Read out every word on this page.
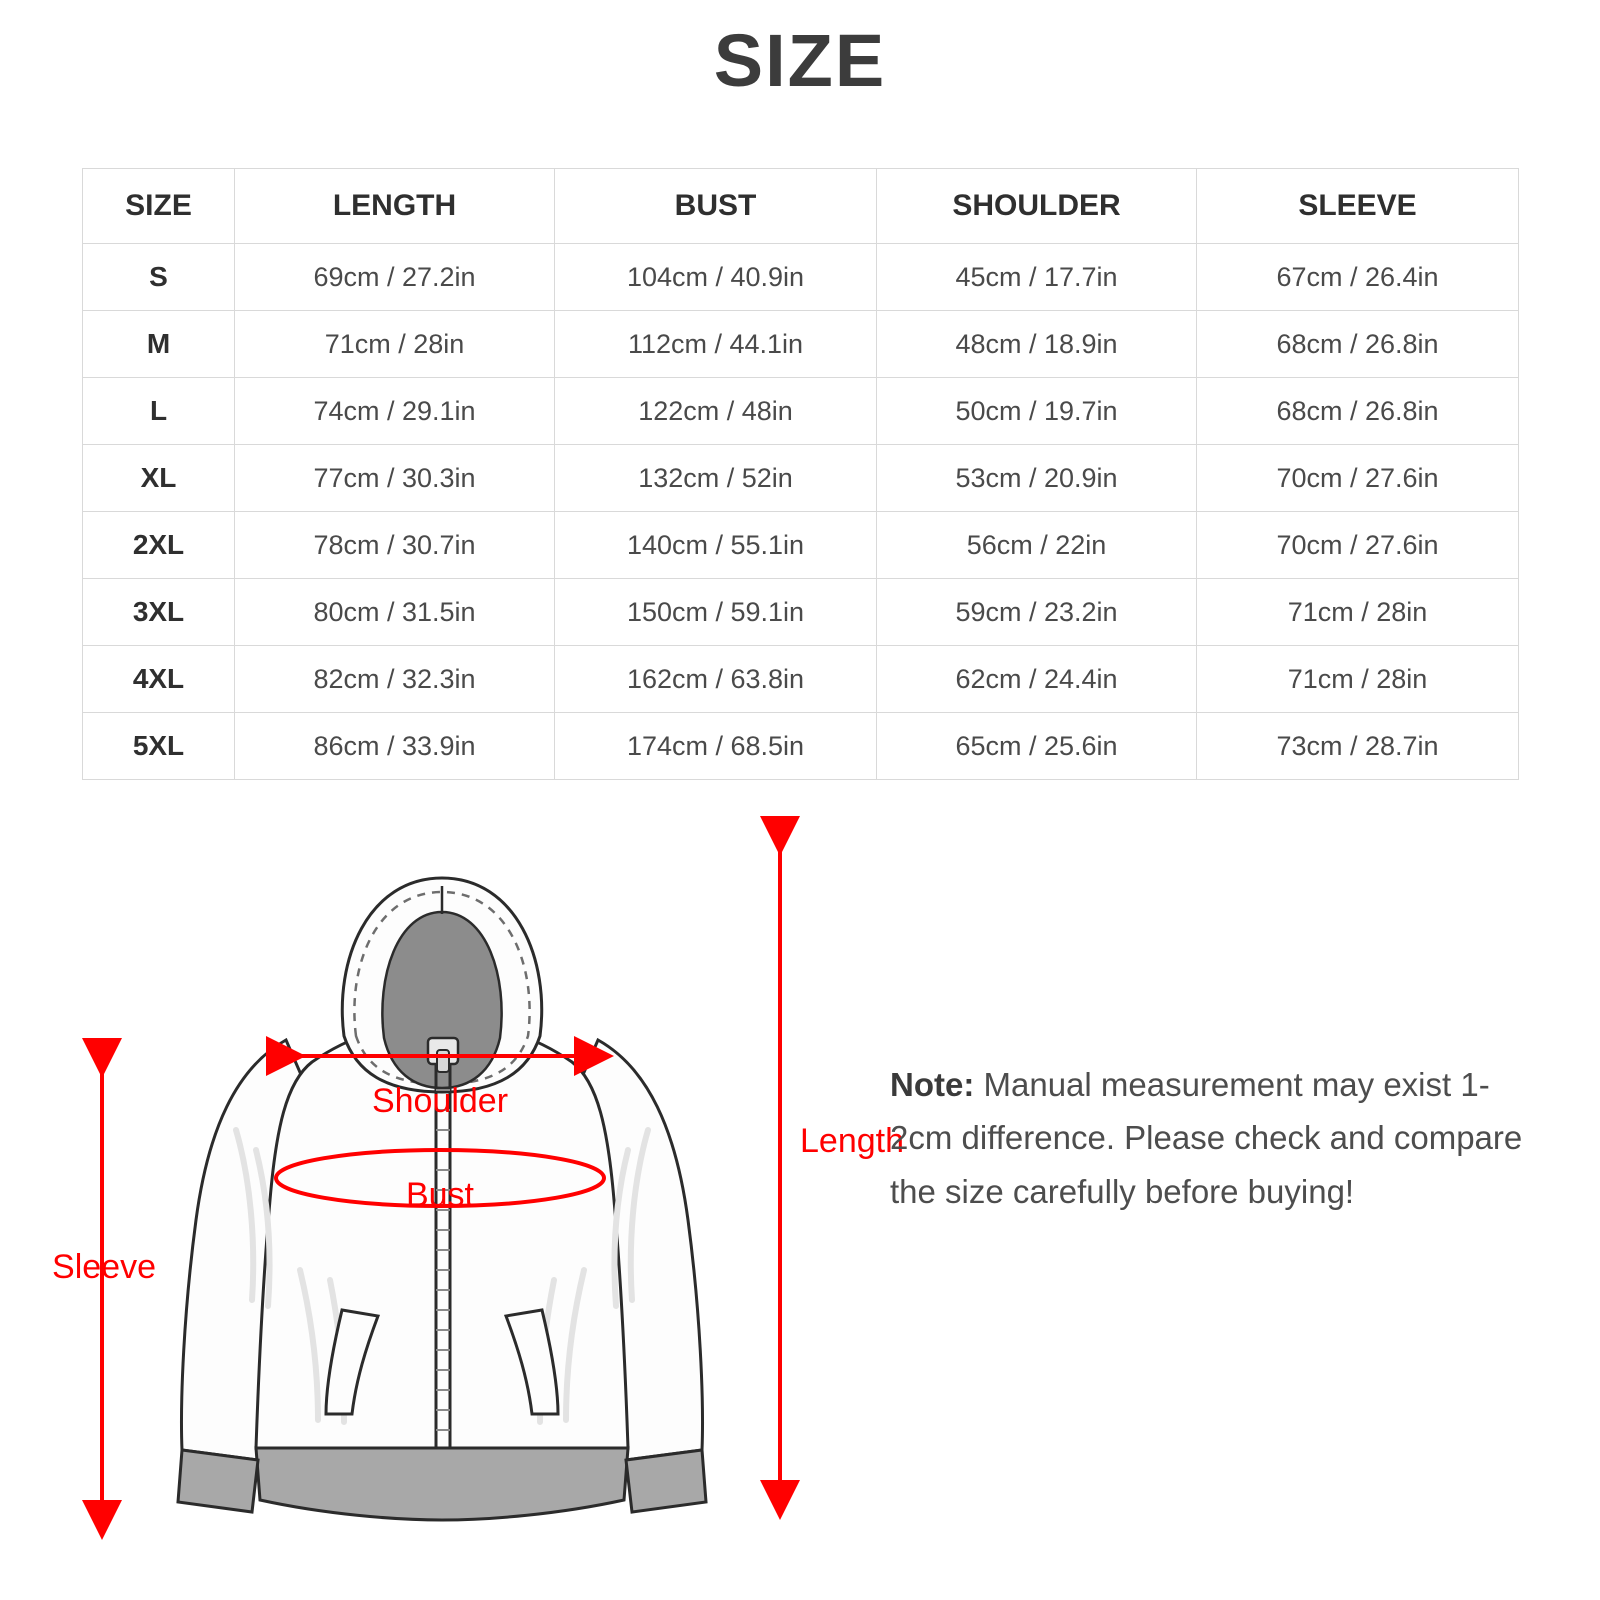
SIZE
SIZE	LENGTH	BUST	SHOULDER	SLEEVE
S	69cm / 27.2in	104cm / 40.9in	45cm / 17.7in	67cm / 26.4in
M	71cm / 28in	112cm / 44.1in	48cm / 18.9in	68cm / 26.8in
L	74cm / 29.1in	122cm / 48in	50cm / 19.7in	68cm / 26.8in
XL	77cm / 30.3in	132cm / 52in	53cm / 20.9in	70cm / 27.6in
2XL	78cm / 30.7in	140cm / 55.1in	56cm / 22in	70cm / 27.6in
3XL	80cm / 31.5in	150cm / 59.1in	59cm / 23.2in	71cm / 28in
4XL	82cm / 32.3in	162cm / 63.8in	62cm / 24.4in	71cm / 28in
5XL	86cm / 33.9in	174cm / 68.5in	65cm / 25.6in	73cm / 28.7in
Shoulder
Bust
Length
Sleeve
Note: Manual measurement may exist 1-2cm difference. Please check and compare the size carefully before buying!
